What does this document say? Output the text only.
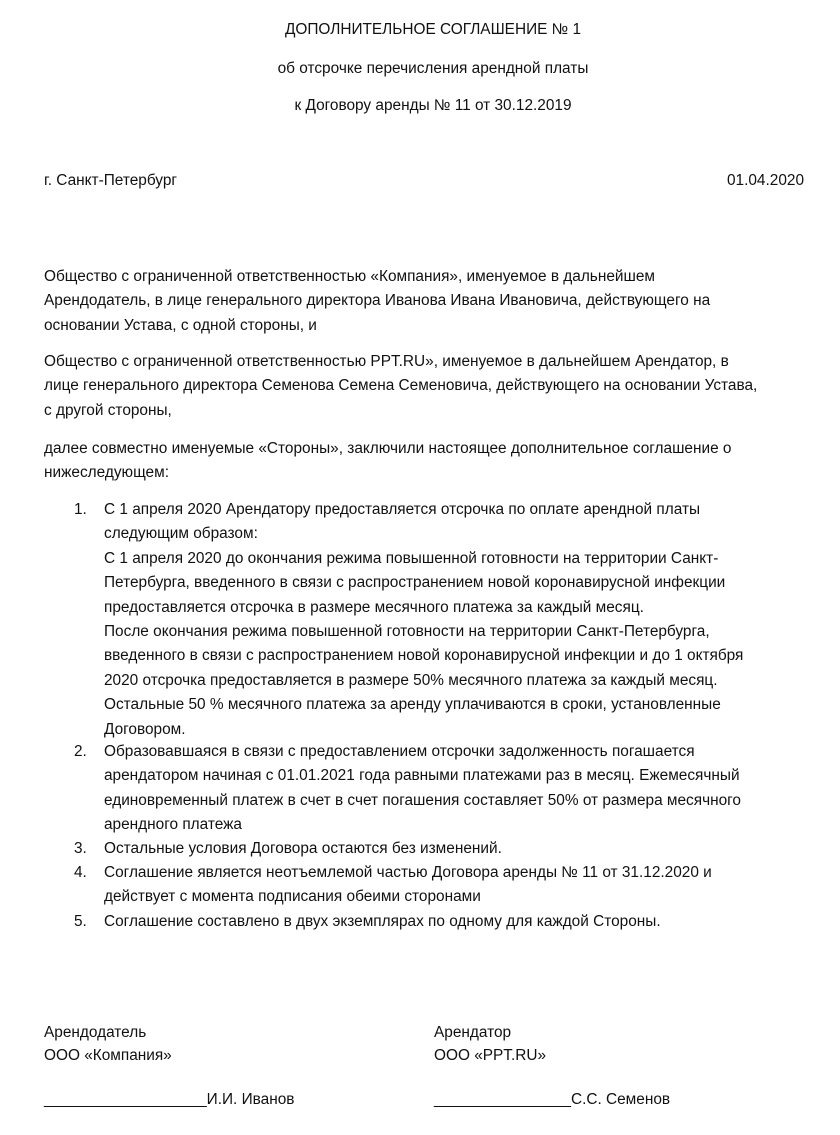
ДОПОЛНИТЕЛЬНОЕ СОГЛАШЕНИЕ № 1
об отсрочке перечисления арендной платы
к Договору аренды № 11 от 30.12.2019
г. Санкт-Петербург	01.04.2020
Общество с ограниченной ответственностью «Компания», именуемое в дальнейшем
Арендодатель, в лице генерального директора Иванова Ивана Ивановича, действующего на
основании Устава, с одной стороны, и
Общество с ограниченной ответственностью PPT.RU», именуемое в дальнейшем Арендатор, в
лице генерального директора Семенова Семена Семеновича, действующего на основании Устава,
с другой стороны,
далее совместно именуемые «Стороны», заключили настоящее дополнительное соглашение о
нижеследующем:
1. С 1 апреля 2020 Арендатору предоставляется отсрочка по оплате арендной платы
следующим образом:
С 1 апреля 2020 до окончания режима повышенной готовности на территории Санкт-
Петербурга, введенного в связи с распространением новой коронавирусной инфекции
предоставляется отсрочка в размере месячного платежа за каждый месяц.
После окончания режима повышенной готовности на территории Санкт-Петербурга,
введенного в связи с распространением новой коронавирусной инфекции и до 1 октября
2020 отсрочка предоставляется в размере 50% месячного платежа за каждый месяц.
Остальные 50 % месячного платежа за аренду уплачиваются в сроки, установленные
Договором.
2. Образовавшаяся в связи с предоставлением отсрочки задолженность погашается
арендатором начиная с 01.01.2021 года равными платежами раз в месяц. Ежемесячный
единовременный платеж в счет в счет погашения составляет 50% от размера месячного
арендного платежа
3. Остальные условия Договора остаются без изменений.
4. Соглашение является неотъемлемой частью Договора аренды № 11 от 31.12.2020 и
действует с момента подписания обеими сторонами
5. Соглашение составлено в двух экземплярах по одному для каждой Стороны.
Арендодатель
ООО «Компания»
___________________И.И. Иванов
Арендатор
ООО «PPT.RU»
________________С.С. Семенов
